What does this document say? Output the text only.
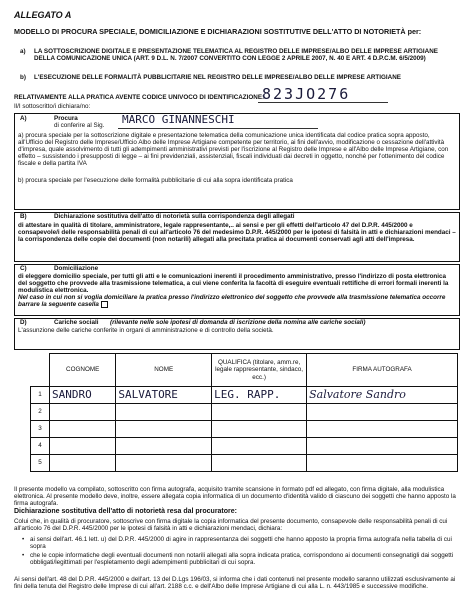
ALLEGATO A
MODELLO DI PROCURA SPECIALE, DOMICILIAZIONE E DICHIARAZIONI SOSTITUTIVE DELL'ATTO DI NOTORIETÀ per:
a) LA SOTTOSCRIZIONE DIGITALE E PRESENTAZIONE TELEMATICA AL REGISTRO DELLE IMPRESE/ALBO DELLE IMPRESE ARTIGIANE DELLA COMUNICAZIONE UNICA (ART. 9 D.L. N. 7/2007 CONVERTITO CON LEGGE 2 APRILE 2007, N. 40 E ART. 4 D.P.C.M. 6/5/2009)
b) L'ESECUZIONE DELLE FORMALITÀ PUBBLICITARIE NEL REGISTRO DELLE IMPRESE/ALBO DELLE IMPRESE ARTIGIANE
RELATIVAMENTE ALLA PRATICA AVENTE CODICE UNIVOCO DI IDENTIFICAZIONE:
823JO276
Il/I sottoscritto/i dichiara/no:
A)	Procura
di conferire al Sig. MARCO GINANNESCHI
a) procura speciale per la sottoscrizione digitale e presentazione telematica della comunicazione unica identificata dal codice pratica sopra apposto, all'Ufficio del Registro delle Imprese/Ufficio Albo delle Imprese Artigiane competente per territorio, ai fini dell'avvio, modificazione o cessazione dell'attività d'impresa, quale assolvimento di tutti gli adempimenti amministrativi previsti per l'iscrizione al Registro delle Imprese e all'Albo delle Imprese Artigiane, con effetto – sussistendo i presupposti di legge – ai fini previdenziali, assistenziali, fiscali individuati dai decreti in oggetto, nonché per l'ottenimento del codice fiscale e della partita IVA
b) procura speciale per l'esecuzione delle formalità pubblicitarie di cui alla sopra identificata pratica
B)	Dichiarazione sostitutiva dell'atto di notorietà sulla corrispondenza degli allegati
di attestare in qualità di titolare, amministratore, legale rappresentante,.. ai sensi e per gli effetti dell'articolo 47 del D.P.R. 445/2000 e consapevole/i delle responsabilità penali di cui all'articolo 76 del medesimo D.P.R. 445/2000 per le ipotesi di falsità in atti e dichiarazioni mendaci – la corrispondenza delle copie dei documenti (non notarili) allegati alla precitata pratica ai documenti conservati agli atti dell'impresa.
C)	Domiciliazione
di eleggere domicilio speciale, per tutti gli atti e le comunicazioni inerenti il procedimento amministrativo, presso l'indirizzo di posta elettronica del soggetto che provvede alla trasmissione telematica, a cui viene conferita la facoltà di eseguire eventuali rettifiche di errori formali inerenti la modulistica elettronica.
Nel caso in cui non si voglia domiciliare la pratica presso l'indirizzo elettronico del soggetto che provvede alla trasmissione telematica occorre barrare la seguente casella
D)	Cariche sociali (rilevante nelle sole ipotesi di domanda di iscrizione della nomina alle cariche sociali)
L'assunzione delle cariche conferite in organi di amministrazione e di controllo della società.
	COGNOME	NOME	QUALIFICA (titolare, amm.re, legale rappresentante, sindaco, ecc.)	FIRMA AUTOGRAFA
1	SANDRO	SALVATORE	LEG. RAPP.	Salvatore Sandro
2				
3				
4				
5				
Il presente modello va compilato, sottoscritto con firma autografa, acquisito tramite scansione in formato pdf ed allegato, con firma digitale, alla modulistica elettronica. Al presente modello deve, inoltre, essere allegata copia informatica di un documento d'identità valido di ciascuno dei soggetti che hanno apposto la firma autografa.
Dichiarazione sostitutiva dell'atto di notorietà resa dal procuratore:
Colui che, in qualità di procuratore, sottoscrive con firma digitale la copia informatica del presente documento, consapevole delle responsabilità penali di cui all'articolo 76 del D.P.R. 445/2000 per le ipotesi di falsità in atti e dichiarazioni mendaci, dichiara:
• ai sensi dell'art. 46.1 lett. u) del D.P.R. 445/2000 di agire in rappresentanza dei soggetti che hanno apposto la propria firma autografa nella tabella di cui sopra
• che le copie informatiche degli eventuali documenti non notarili allegati alla sopra indicata pratica, corrispondono ai documenti consegnatigli dai soggetti obbligati/legittimati per l'espletamento degli adempimenti pubblicitari di cui sopra.
Ai sensi dell'art. 48 del D.P.R. 445/2000 e dell'art. 13 del D.Lgs 196/03, si informa che i dati contenuti nel presente modello saranno utilizzati esclusivamente ai fini della tenuta del Registro delle Imprese di cui all'art. 2188 c.c. e dell'Albo delle Imprese Artigiane di cui alla L. n. 443/1985 e successive modifiche.
